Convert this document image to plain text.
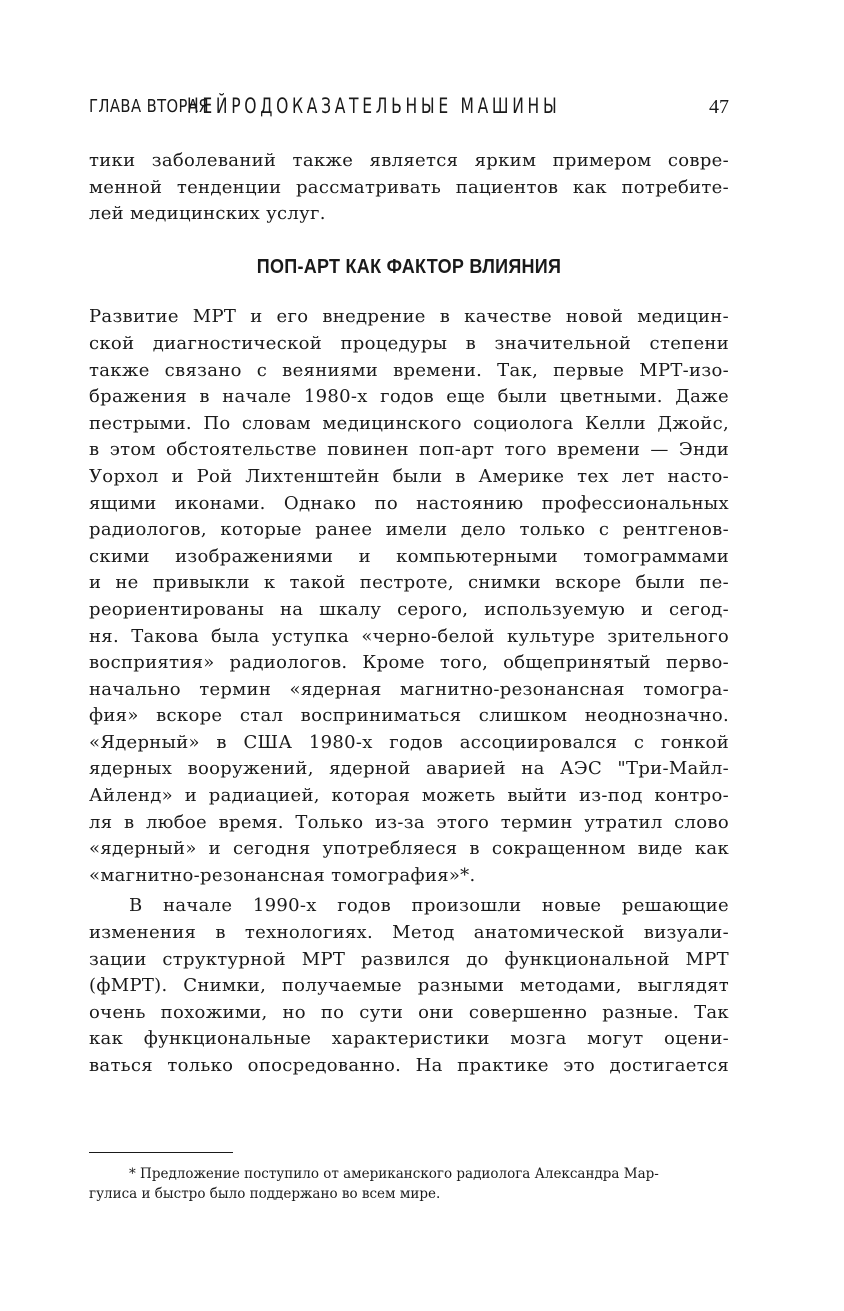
ГЛАВА ВТОРАЯ
НЕЙРОДОКАЗАТЕЛЬНЫЕ МАШИНЫ	47
тики заболеваний также является ярким примером совре-
менной тенденции рассматривать пациентов как потребите-
лей медицинских услуг.
ПОП-АРТ КАК ФАКТОР ВЛИЯНИЯ
Развитие МРТ и его внедрение в качестве новой медицин-
ской диагностической процедуры в значительной степени
также связано с веяниями времени. Так, первые МРТ-изо-
бражения в начале 1980-х годов еще были цветными. Даже
пестрыми. По словам медицинского социолога Келли Джойс,
в этом обстоятельстве повинен поп-арт того времени — Энди
Уорхол и Рой Лихтенштейн были в Америке тех лет насто-
ящими иконами. Однако по настоянию профессиональных
радиологов, которые ранее имели дело только с рентгенов-
скими изображениями и компьютерными томограммами
и не привыкли к такой пестроте, снимки вскоре были пе-
реориентированы на шкалу серого, используемую и сегод-
ня. Такова была уступка «черно-белой культуре зрительного
восприятия» радиологов. Кроме того, общепринятый перво-
начально термин «ядерная магнитно-резонансная томогра-
фия» вскоре стал восприниматься слишком неоднозначно.
«Ядерный» в США 1980-х годов ассоциировался с гонкой
ядерных вооружений, ядерной аварией на АЭС "Три-Майл-
Айленд» и радиацией, которая можеть выйти из-под контро-
ля в любое время. Только из-за этого термин утратил слово
«ядерный» и сегодня употребляеся в сокращенном виде как
«магнитно-резонансная томография»*.
В начале 1990-х годов произошли новые решающие
изменения в технологиях. Метод анатомической визуали-
зации структурной МРТ развился до функциональной МРТ
(фМРТ). Снимки, получаемые разными методами, выглядят
очень похожими, но по сути они совершенно разные. Так
как функциональные характеристики мозга могут оцени-
ваться только опосредованно. На практике это достигается
* Предложение поступило от американского радиолога Александра Мар-
гулиса и быстро было поддержано во всем мире.
